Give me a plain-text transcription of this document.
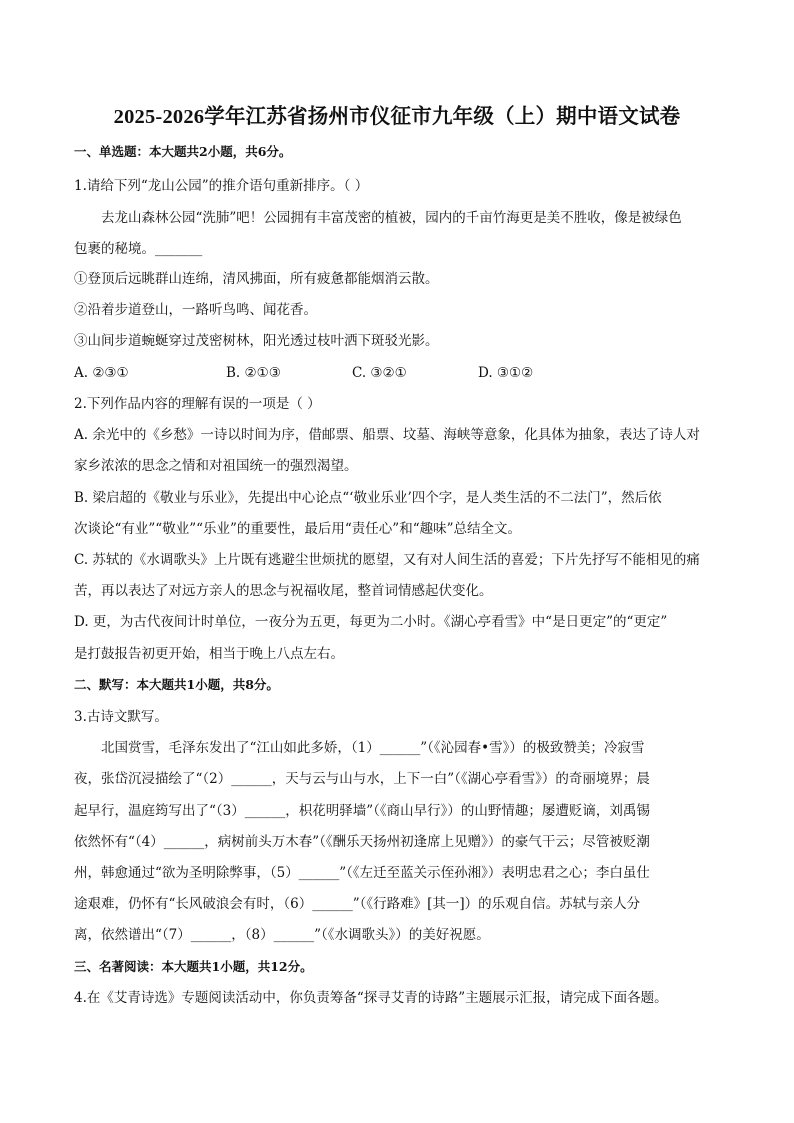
2025-2026学年江苏省扬州市仪征市九年级（上）期中语文试卷
一、单选题：本大题共2小题，共6分。
1.请给下列“龙山公园”的推介语句重新排序。（ ）
去龙山森林公园“洗肺”吧！公园拥有丰富茂密的植被，园内的千亩竹海更是美不胜收，像是被绿色
包裹的秘境。_______
①登顶后远眺群山连绵，清风拂面，所有疲惫都能烟消云散。
②沿着步道登山，一路听鸟鸣、闻花香。
③山间步道蜿蜒穿过茂密树林，阳光透过枝叶洒下斑驳光影。
A. ②③①	B. ②①③	C. ③②①	D. ③①②
2.下列作品内容的理解有误的一项是（ ）
A. 余光中的《乡愁》一诗以时间为序，借邮票、船票、坟墓、海峡等意象，化具体为抽象，表达了诗人对
家乡浓浓的思念之情和对祖国统一的强烈渴望。
B. 梁启超的《敬业与乐业》，先提出中心论点“‘敬业乐业’四个字，是人类生活的不二法门”，然后依
次谈论“有业”“敬业”“乐业”的重要性，最后用“责任心”和“趣味”总结全文。
C. 苏轼的《水调歌头》上片既有逃避尘世烦扰的愿望，又有对人间生活的喜爱；下片先抒写不能相见的痛
苦，再以表达了对远方亲人的思念与祝福收尾，整首词情感起伏变化。
D. 更，为古代夜间计时单位，一夜分为五更，每更为二小时。《湖心亭看雪》中“是日更定”的“更定”
是打鼓报告初更开始，相当于晚上八点左右。
二、默写：本大题共1小题，共8分。
3.古诗文默写。
北国赏雪，毛泽东发出了“江山如此多娇，（1）______”（《沁园春•雪》）的极致赞美；冷寂雪
夜，张岱沉浸描绘了“（2）______，天与云与山与水，上下一白”（《湖心亭看雪》）的奇丽境界；晨
起早行，温庭筠写出了“（3）______，枳花明驿墙”（《商山早行》）的山野情趣；屡遭贬谪，刘禹锡
依然怀有“（4）______，病树前头万木春”（《酬乐天扬州初逢席上见赠》）的豪气干云；尽管被贬潮
州，韩愈通过“欲为圣明除弊事，（5）______”（《左迁至蓝关示侄孙湘》）表明忠君之心；李白虽仕
途艰难，仍怀有“长风破浪会有时，（6）______”（《行路难》[其一]）的乐观自信。苏轼与亲人分
离，依然谱出“（7）______，（8）______”（《水调歌头》）的美好祝愿。
三、名著阅读：本大题共1小题，共12分。
4.在《艾青诗选》专题阅读活动中，你负责筹备“探寻艾青的诗路”主题展示汇报，请完成下面各题。
